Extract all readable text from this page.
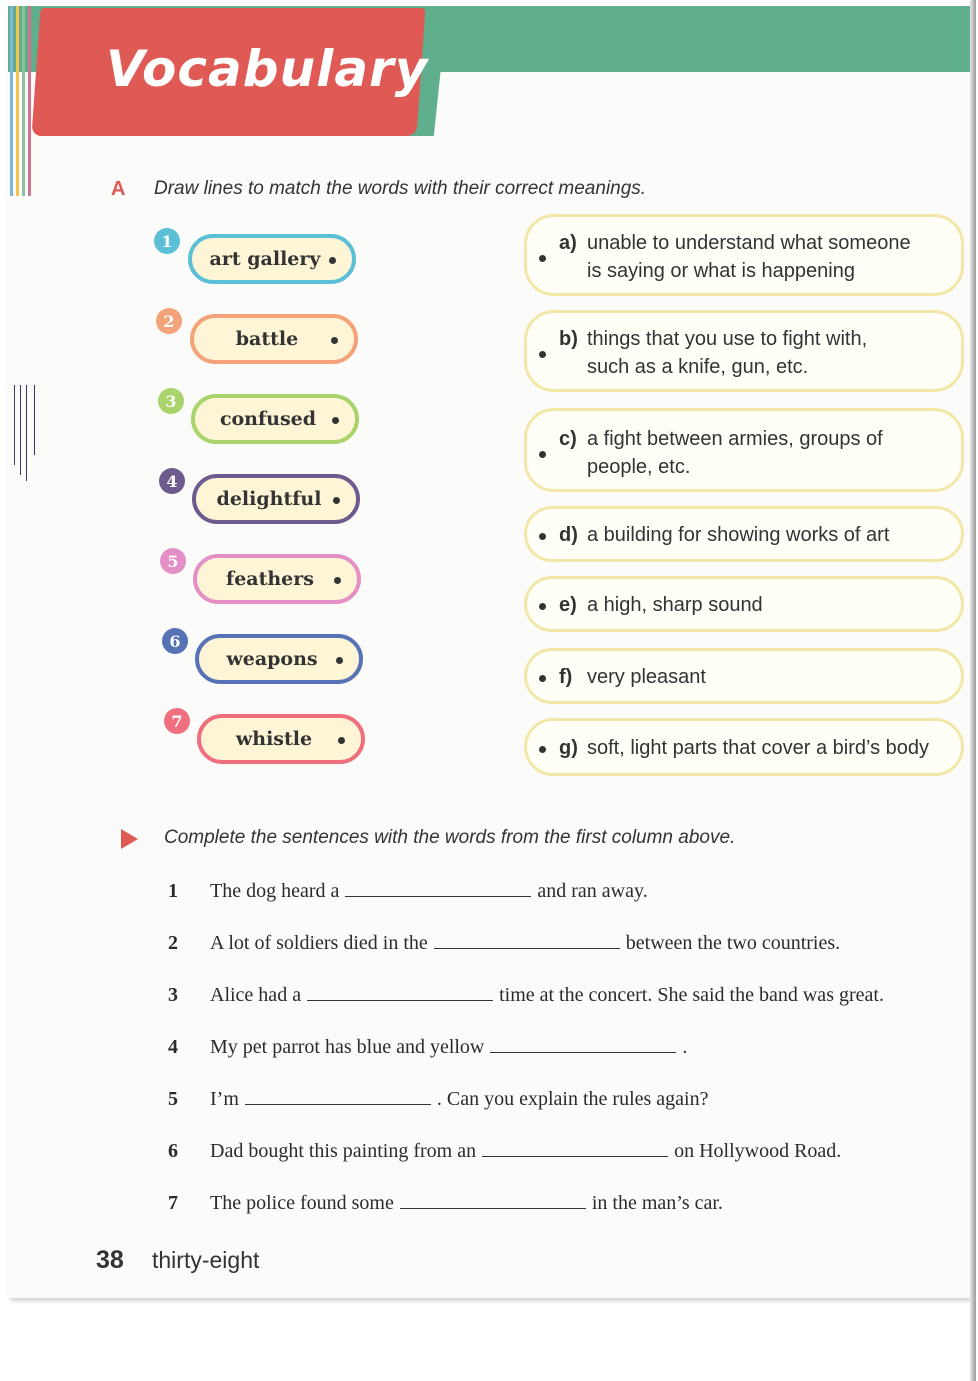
Vocabulary
A Draw lines to match the words with their correct meanings.
1
art gallery
2
battle
3
confused
4
delightful
5
feathers
6
weapons
7
whistle
a) unable to understand what someone
is saying or what is happening
b) things that you use to fight with,
such as a knife, gun, etc.
c) a fight between armies, groups of
people, etc.
d) a building for showing works of art
e) a high, sharp sound
f) very pleasant
g) soft, light parts that cover a bird’s body
Complete the sentences with the words from the first column above.
1 The dog heard a	and ran away.
2 A lot of soldiers died in the	between the two countries.
3 Alice had a	time at the concert. She said the band was great.
4 My pet parrot has blue and yellow	.
5 I’m	. Can you explain the rules again?
6 Dad bought this painting from an	on Hollywood Road.
7 The police found some	in the man’s car.
38 thirty-eight
